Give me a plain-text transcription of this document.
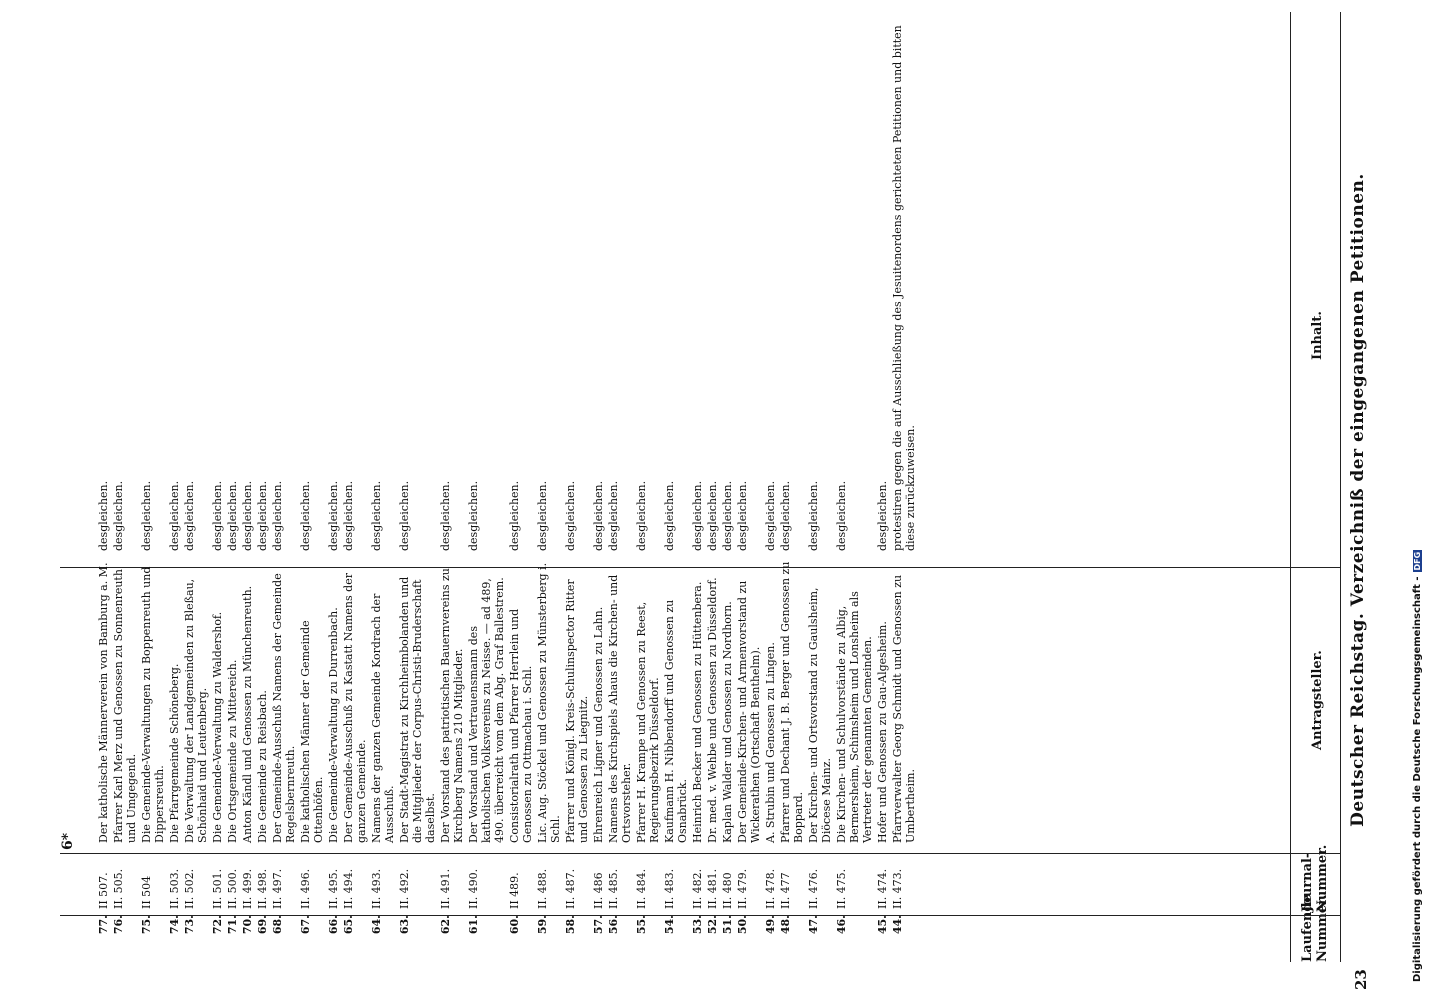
23
Deutscher Reichstag. Verzeichniß der eingegangenen Petitionen.
Laufende Nummer.
Journal-Nummer.
Antragsteller.
Inhalt.
6*	Digitalisierung gefördert durch die Deutsche Forschungsgemeinschaft -DFG
44.	II. 473.	Pfarrverwalter Georg Schmidt und Genossen zu Umbertheim.	protestiren gegen die auf Ausschließung des Jesuitenordens gerichteten Petitionen und bitten diese zurückzuweisen.
45.	II. 474.	Hofer und Genossen zu Gau-Algesheim.	desgleichen.
46.	II. 475.	Die Kirchen- und Schulvorstände zu Albig, Bermersheim, Schimsheim und Lonsheim als Vertreter der genannten Gemeinden.	desgleichen.
47.	II. 476.	Der Kirchen- und Ortsvorstand zu Gaulsheim, Diöcese Mainz.	desgleichen.
48.	II. 477	Pfarrer und Dechant J. B. Berger und Genossen zu Boppard.	desgleichen.
49.	II. 478.	A. Strubin und Genossen zu Lingen.	desgleichen.
50.	II. 479.	Der Gemeinde-Kirchen- und Armenvorstand zu Wickerathen (Ortschaft Benthelm).	desgleichen.
51.	II. 480	Kaplan Walder und Genossen zu Nordhorn.	desgleichen.
52.	II. 481.	Dr. med. v. Wehbe und Genossen zu Düsseldorf.	desgleichen.
53.	II. 482.	Heinrich Becker und Genossen zu Hüttenbera.	desgleichen.
54.	II. 483.	Kaufmann H. Nibbendorff und Genossen zu Osnabrück.	desgleichen.
55.	II. 484.	Pfarrer H. Krampe und Genossen zu Reest, Regierungsbezirk Düsseldorf.	desgleichen.
56.	II. 485.	Namens des Kirchspiels Ahaus die Kirchen- und Ortsvorsteher.	desgleichen.
57.	II. 486	Ehrenreich Ligner und Genossen zu Lahn.	desgleichen.
58.	II. 487.	Pfarrer und Königl. Kreis-Schulinspector Ritter und Genossen zu Liegnitz.	desgleichen.
59.	II. 488.	Lic. Aug. Stöckel und Genossen zu Münsterberg i. Schl.	desgleichen.
60.	II 489.	Consistorialrath und Pfarrer Herrlein und Genossen zu Ottmachau i. Schl.	desgleichen.
61.	II. 490.	Der Vorstand und Vertrauensmann des katholischen Volksvereins zu Neisse. — ad 489, 490. überreicht vom dem Abg. Graf Ballestrem.	desgleichen.
62.	II. 491.	Der Vorstand des patriotischen Bauernvereins zu Kirchberg Namens 210 Mitglieder.	desgleichen.
63.	II. 492.	Der Stadt-Magistrat zu Kirchheimbolanden und die Mitglieder der Corpus-Christi-Bruderschaft daselbst.	desgleichen.
64.	II. 493.	Namens der ganzen Gemeinde Kordrach der Ausschuß.	desgleichen.
65.	II. 494.	Der Gemeinde-Ausschuß zu Kastatt Namens der ganzen Gemeinde.	desgleichen.
66.	II. 495.	Die Gemeinde-Verwaltung zu Durrenbach.	desgleichen.
67.	II. 496.	Die katholischen Männer der Gemeinde Ottenhöfen.	desgleichen.
68.	II. 497.	Der Gemeinde-Ausschuß Namens der Gemeinde Regelsbernreuth.	desgleichen.
69.	II. 498.	Die Gemeinde zu Reisbach.	desgleichen.
70.	II. 499.	Anton Kändl und Genossen zu Münchenreuth.	desgleichen.
71.	II. 500.	Die Ortsgemeinde zu Mittereich.	desgleichen.
72.	II. 501.	Die Gemeinde-Verwaltung zu Waldershof.	desgleichen.
73.	II. 502.	Die Verwaltung der Landgemeinden zu Bleßau, Schönhaid und Leutenberg.	desgleichen.
74.	II. 503.	Die Pfarrgemeinde Schöneberg.	desgleichen.
75.	II 504	Die Gemeinde-Verwaltungen zu Boppenreuth und Dippersreuth.	desgleichen.
76.	II. 505.	Pfarrer Karl Merz und Genossen zu Sonnenreuth und Umgegend.	desgleichen.
77.	II 507.	Der katholische Männerverein von Bamburg a. M.	desgleichen.
